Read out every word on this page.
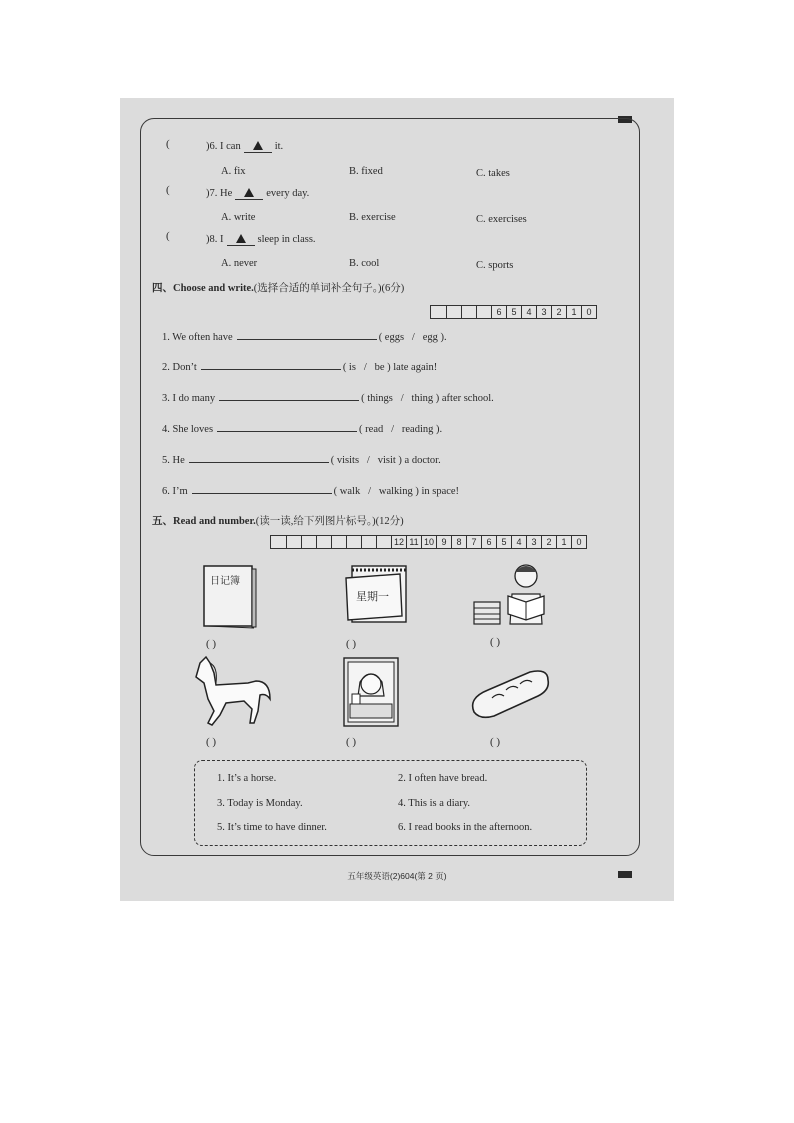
(	)6. I can	it.
A. fix	B. fixed	C. takes
(	)7. He	every day.
A. write	B. exercise	C. exercises
(	)8. I	sleep in class.
A. never	B. cool	C. sports
四、Choose and write.(选择合适的单词补全句子。)(6分)
6	5	4	3	2	1	0
1. We often have	( eggs   /   egg ).
2. Don’t	( is   /   be ) late again!
3. I do many	( things   /   thing ) after school.
4. She loves	( read   /   reading ).
5. He	( visits   /   visit ) a doctor.
6. I’m	( walk   /   walking ) in space!
五、Read and number.(读一读,给下列图片标号。)(12分)
12 11 10 9	8	7	6	5	4	3	2	1	0
日记簿
( )
星期一
( )	( )
( )	( )	( )
1. It’s a horse.	2. I often have bread.
3. Today is Monday.	4. This is a diary.
5. It’s time to have dinner.	6. I read books in the afternoon.
五年级英语(2)604(第 2 页)
